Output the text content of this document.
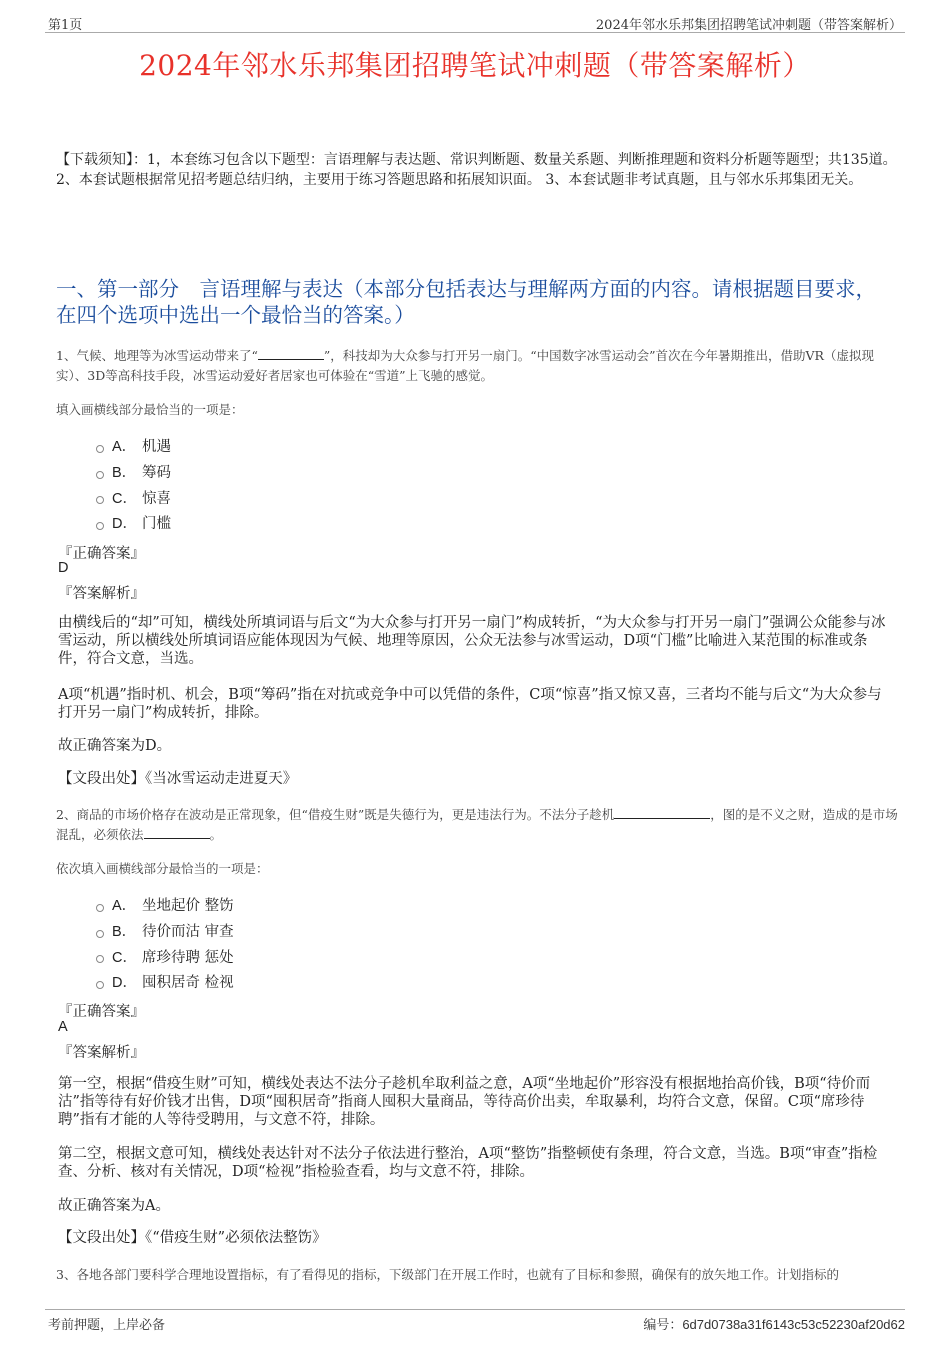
第1页	2024年邻水乐邦集团招聘笔试冲刺题（带答案解析）
2024年邻水乐邦集团招聘笔试冲刺题（带答案解析）
【下载须知】：1，本套练习包含以下题型：言语理解与表达题、常识判断题、数量关系题、判断推理题和资料分析题等题型；共135道。 2、本套试题根据常见招考题总结归纳，主要用于练习答题思路和拓展知识面。 3、本套试题非考试真题，且与邻水乐邦集团无关。
一、第一部分　言语理解与表达（本部分包括表达与理解两方面的内容。请根据题目要求，在四个选项中选出一个最恰当的答案。）
1、气候、地理等为冰雪运动带来了“	”，科技却为大众参与打开另一扇门。“中国数字冰雪运动会”首次在今年暑期推出，借助VR（虚拟现实）、3D等高科技手段，冰雪运动爱好者居家也可体验在“雪道”上飞驰的感觉。
填入画横线部分最恰当的一项是：
A． 机遇
B． 筹码
C． 惊喜
D． 门槛
『正确答案』
D
『答案解析』
由横线后的“却”可知，横线处所填词语与后文“为大众参与打开另一扇门”构成转折，“为大众参与打开另一扇门”强调公众能参与冰雪运动，所以横线处所填词语应能体现因为气候、地理等原因，公众无法参与冰雪运动，D项“门槛”比喻进入某范围的标准或条件，符合文意，当选。
A项“机遇”指时机、机会，B项“筹码”指在对抗或竞争中可以凭借的条件，C项“惊喜”指又惊又喜，三者均不能与后文“为大众参与打开另一扇门”构成转折，排除。
故正确答案为D。
【文段出处】《当冰雪运动走进夏天》
2、商品的市场价格存在波动是正常现象，但“借疫生财”既是失德行为，更是违法行为。不法分子趁机	，图的是不义之财，造成的是市场混乱，必须依法	。
依次填入画横线部分最恰当的一项是：
A． 坐地起价 整饬
B． 待价而沽 审查
C． 席珍待聘 惩处
D． 囤积居奇 检视
『正确答案』
A
『答案解析』
第一空，根据“借疫生财”可知，横线处表达不法分子趁机牟取利益之意，A项“坐地起价”形容没有根据地抬高价钱，B项“待价而沽”指等待有好价钱才出售，D项“囤积居奇”指商人囤积大量商品，等待高价出卖，牟取暴利，均符合文意，保留。C项“席珍待聘”指有才能的人等待受聘用，与文意不符，排除。
第二空，根据文意可知，横线处表达针对不法分子依法进行整治，A项“整饬”指整顿使有条理，符合文意，当选。B项“审查”指检查、分析、核对有关情况，D项“检视”指检验查看，均与文意不符，排除。
故正确答案为A。
【文段出处】《“借疫生财”必须依法整饬》
3、各地各部门要科学合理地设置指标，有了看得见的指标，下级部门在开展工作时，也就有了目标和参照，确保有的放矢地工作。计划指标的
考前押题，上岸必备	编号：6d7d0738a31f6143c53c52230af20d62
